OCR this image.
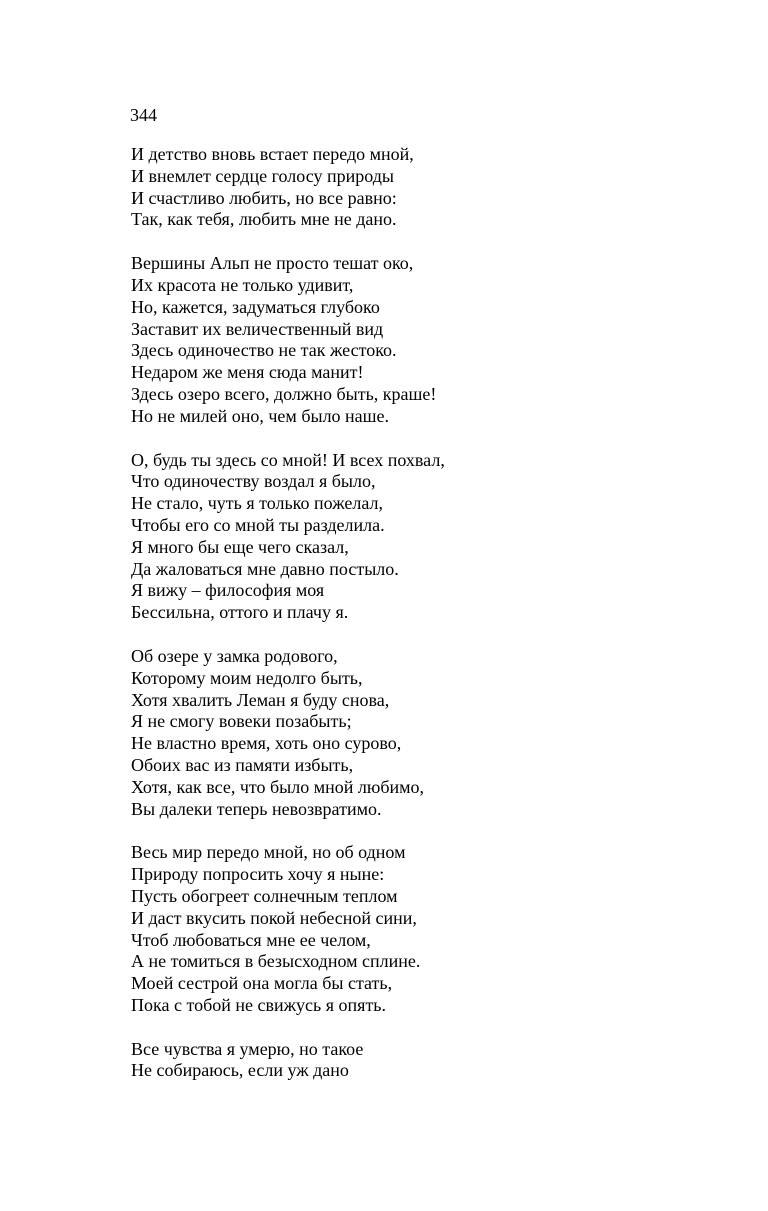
344
И детство вновь встает передо мной,
И внемлет сердце голосу природы
И счастливо любить, но все равно:
Так, как тебя, любить мне не дано.
Вершины Альп не просто тешат око,
Их красота не только удивит,
Но, кажется, задуматься глубоко
Заставит их величественный вид
Здесь одиночество не так жестоко.
Недаром же меня сюда манит!
Здесь озеро всего, должно быть, краше!
Но не милей оно, чем было наше.
О, будь ты здесь со мной! И всех похвал,
Что одиночеству воздал я было,
Не стало, чуть я только пожелал,
Чтобы его со мной ты разделила.
Я много бы еще чего сказал,
Да жаловаться мне давно постыло.
Я вижу – философия моя
Бессильна, оттого и плачу я.
Об озере у замка родового,
Которому моим недолго быть,
Хотя хвалить Леман я буду снова,
Я не смогу вовеки позабыть;
Не властно время, хоть оно сурово,
Обоих вас из памяти избыть,
Хотя, как все, что было мной любимо,
Вы далеки теперь невозвратимо.
Весь мир передо мной, но об одном
Природу попросить хочу я ныне:
Пусть обогреет солнечным теплом
И даст вкусить покой небесной сини,
Чтоб любоваться мне ее челом,
А не томиться в безысходном сплине.
Моей сестрой она могла бы стать,
Пока с тобой не свижусь я опять.
Все чувства я умерю, но такое
Не собираюсь, если уж дано
